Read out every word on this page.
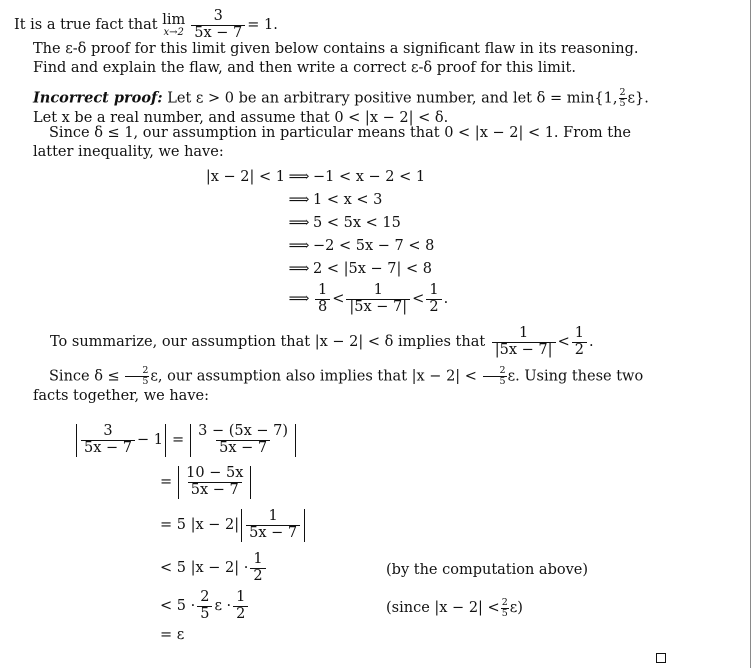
It is a true fact that
lim
$x\to 2 \frac{3}{5x - 7} = 1$.

The ε-δ proof for this limit given below contains a significant flaw in its reasoning. Find and explain the flaw, and then write a correct ε-δ proof for this limit.

Incorrect proof: Let ε > 0 be an arbitrary positive number, and let δ = min{1, $\frac{2}{5} \varepsilon$}. Let x be a real number, and assume that 0 < |x − 2| < δ.

Since δ ≤ 1, our assumption in particular means that 0 < |x − 2| < 1. From the latter inequality, we have:

|x − 2| < 1 ⟹ −1 < x − 2 < 1
⟹ 1 < x < 3
⟹ 5 < 5x < 15
⟹ −2 < 5x − 7 < 8
⟹ 2 < |5x − 7| < 8
⟹ $\frac{1}{8} < \frac{1}{|5x - 7|} < \frac{1}{2}$ .
To summarize, our assumption that |x − 2| < δ implies that
$\frac{1}{|5x - 7|} < \frac{1}{2}$ .

Since $\delta \le \frac{2}{5} \varepsilon$, our assumption also implies that $|x - 2| < \frac{2}{5} \varepsilon$. Using these two facts together, we have:

$\frac{3}{5x - 7} - 1 = \frac{3 - (5x - 7)}{5x - 7}$
= $\frac{10 - 5x}{5x - 7}$
= 5 $|x - 2| \frac{1}{5x - 7}$
< 5 $|x - 2| \cdot \frac{1}{2}$	(by the computation above)
< $5 \cdot \frac{2}{5}$ $\varepsilon \cdot \frac{1}{2}$	(since |x − 2| < 2
5 ε)
= ε
